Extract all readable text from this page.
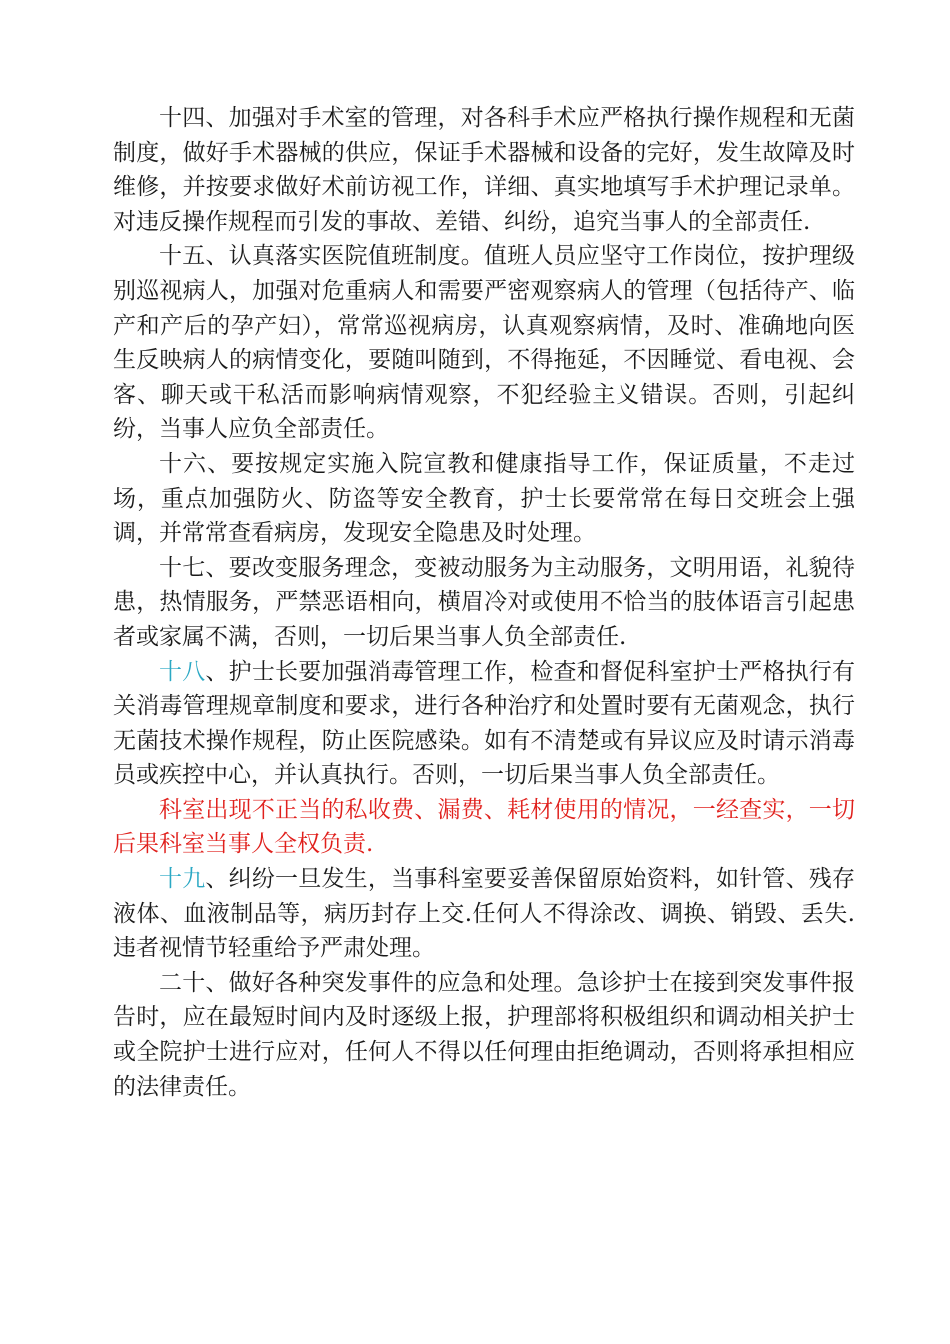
十四、加强对手术室的管理，对各科手术应严格执行操作规程和无菌制度，做好手术器械的供应，保证手术器械和设备的完好，发生故障及时维修，并按要求做好术前访视工作，详细、真实地填写手术护理记录单。对违反操作规程而引发的事故、差错、纠纷，追究当事人的全部责任.

十五、认真落实医院值班制度。值班人员应坚守工作岗位，按护理级别巡视病人，加强对危重病人和需要严密观察病人的管理（包括待产、临产和产后的孕产妇），常常巡视病房，认真观察病情，及时、准确地向医生反映病人的病情变化，要随叫随到，不得拖延，不因睡觉、看电视、会客、聊天或干私活而影响病情观察，不犯经验主义错误。否则，引起纠纷，当事人应负全部责任。

十六、要按规定实施入院宣教和健康指导工作，保证质量，不走过场，重点加强防火、防盗等安全教育，护士长要常常在每日交班会上强调，并常常查看病房，发现安全隐患及时处理。

十七、要改变服务理念，变被动服务为主动服务，文明用语，礼貌待患，热情服务，严禁恶语相向，横眉冷对或使用不恰当的肢体语言引起患者或家属不满，否则，一切后果当事人负全部责任.

十八、护士长要加强消毒管理工作，检查和督促科室护士严格执行有关消毒管理规章制度和要求，进行各种治疗和处置时要有无菌观念，执行无菌技术操作规程，防止医院感染。如有不清楚或有异议应及时请示消毒员或疾控中心，并认真执行。否则，一切后果当事人负全部责任。

科室出现不正当的私收费、漏费、耗材使用的情况，一经查实，一切后果科室当事人全权负责.

十九、纠纷一旦发生，当事科室要妥善保留原始资料，如针管、残存液体、血液制品等，病历封存上交.任何人不得涂改、调换、销毁、丢失.违者视情节轻重给予严肃处理。

二十、做好各种突发事件的应急和处理。急诊护士在接到突发事件报告时，应在最短时间内及时逐级上报，护理部将积极组织和调动相关护士或全院护士进行应对，任何人不得以任何理由拒绝调动，否则将承担相应的法律责任。
